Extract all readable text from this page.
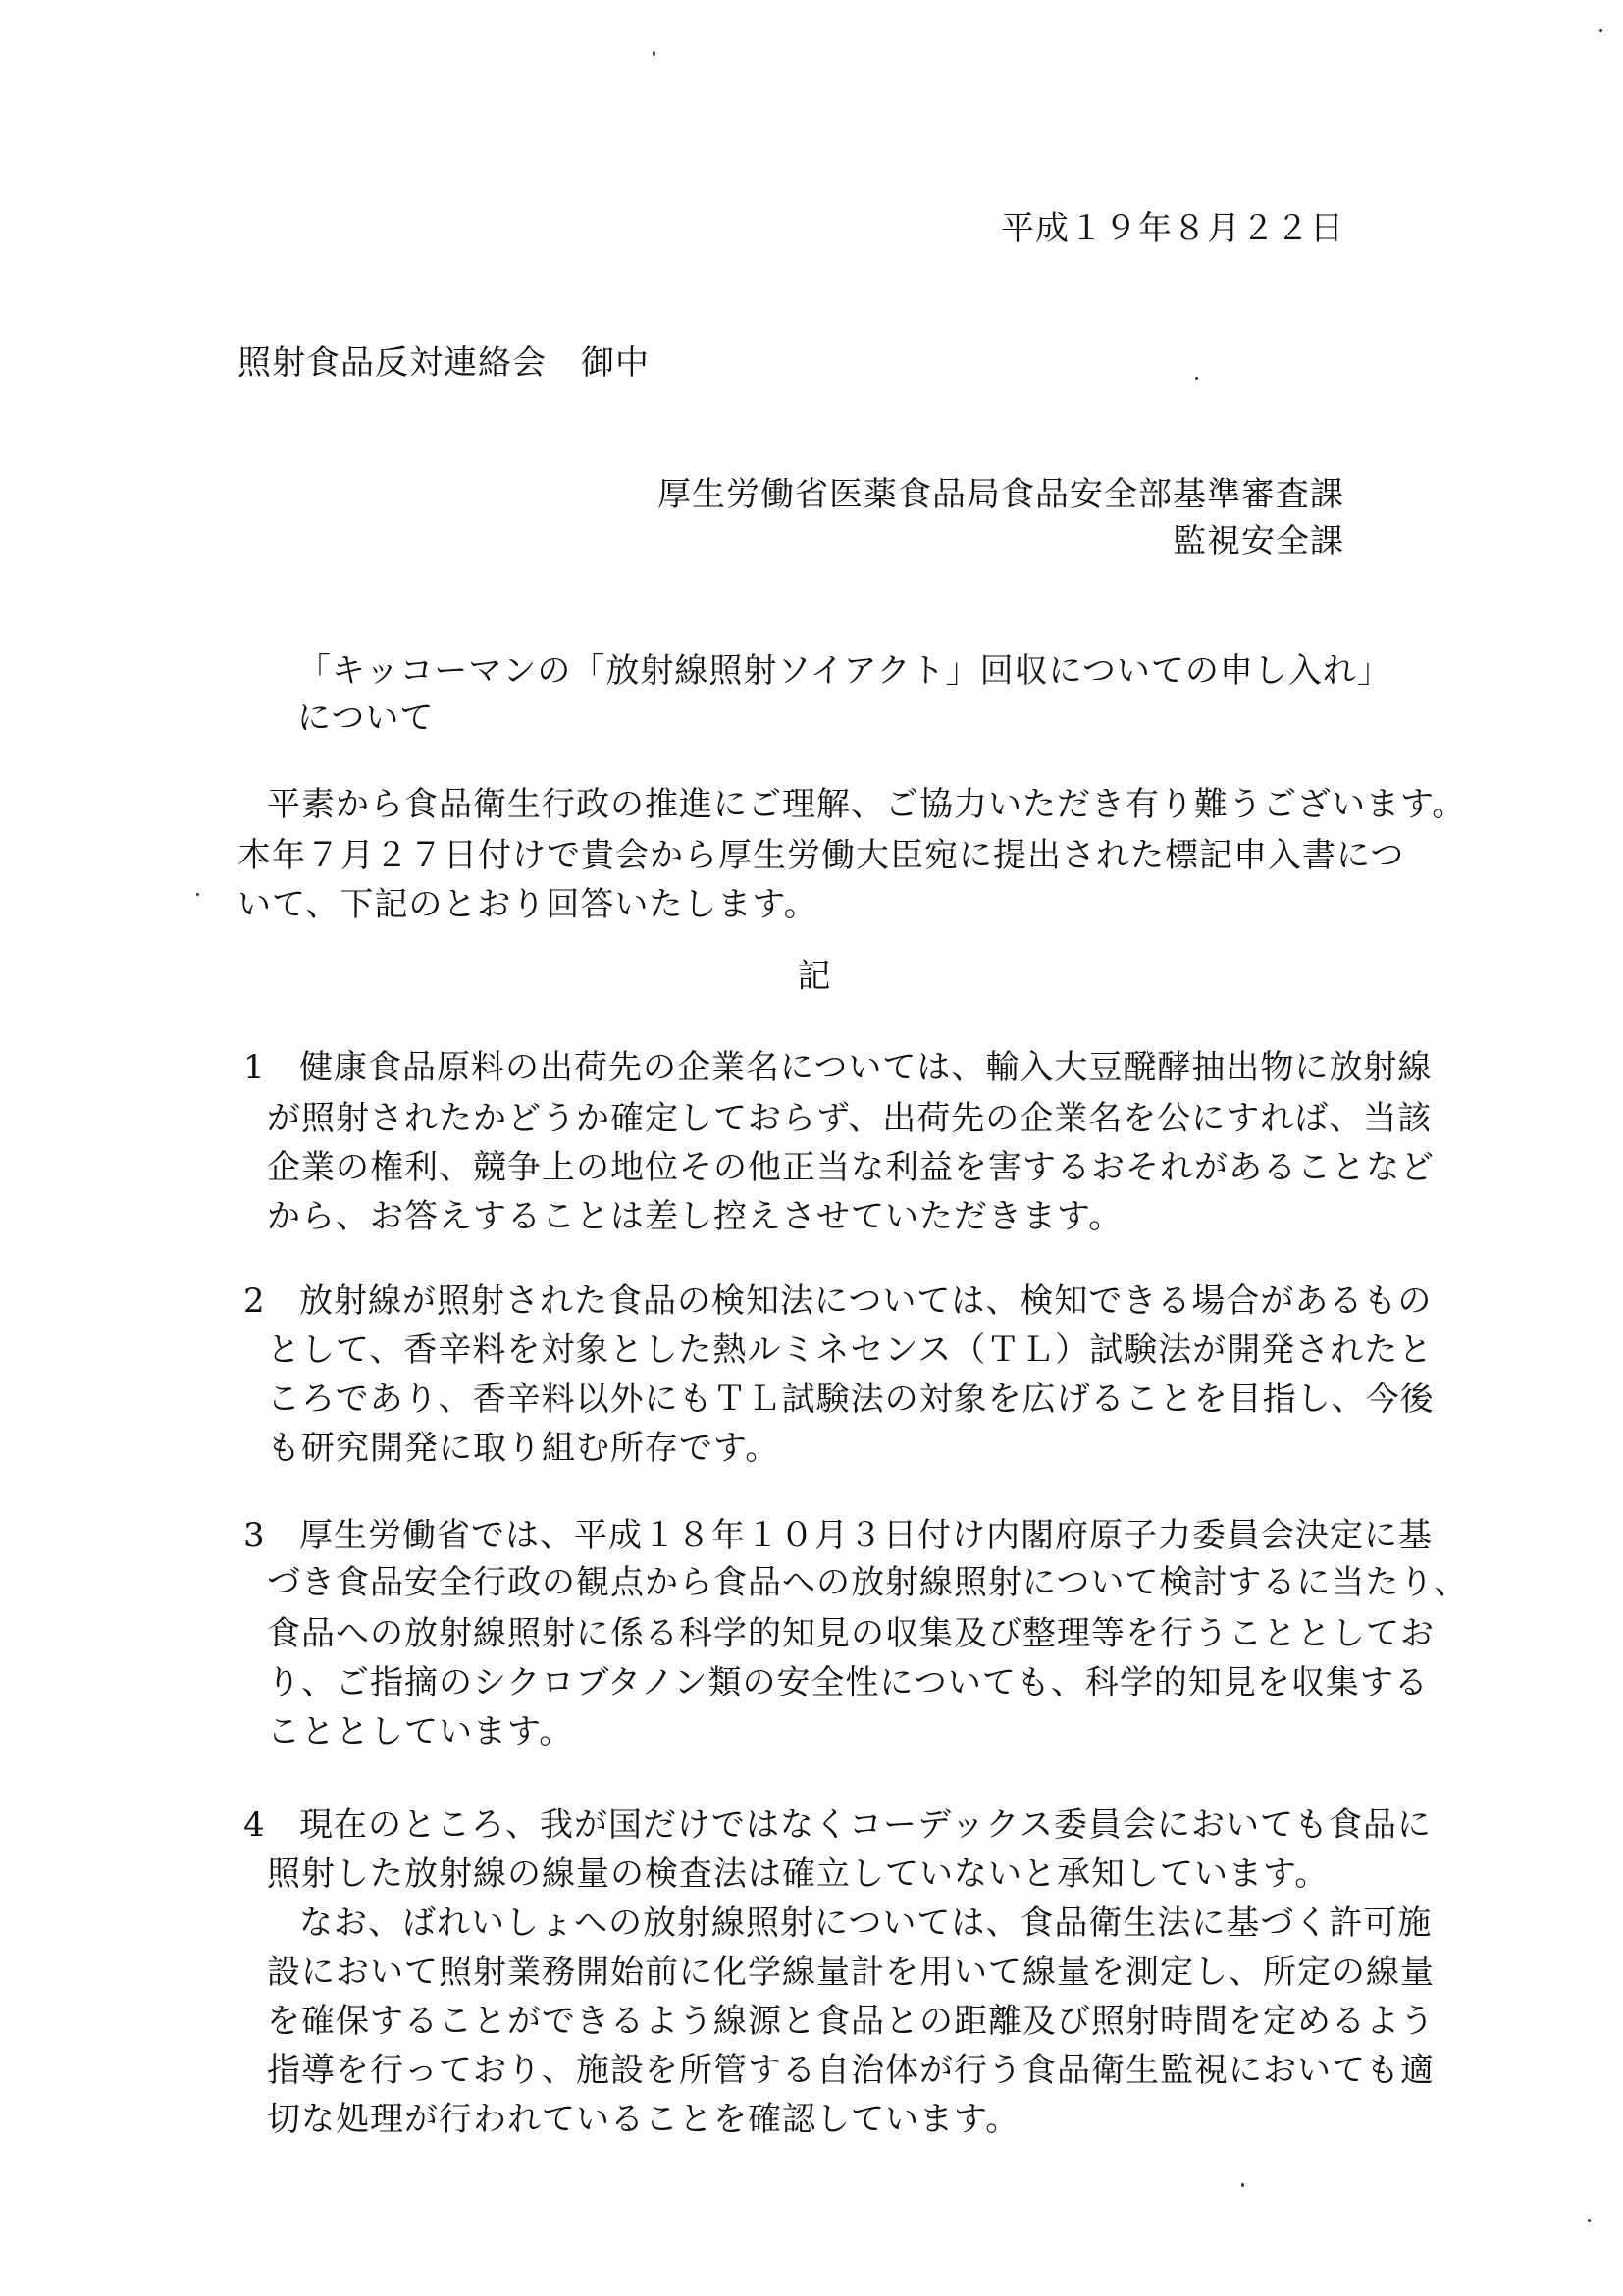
平成１９年８月２２日
照射食品反対連絡会　御中
厚生労働省医薬食品局食品安全部基準審査課
監視安全課
「キッコーマンの「放射線照射ソイアクト」回収についての申し入れ」
について
平素から食品衛生行政の推進にご理解、ご協力いただき有り難うございます。
本年７月２７日付けで貴会から厚生労働大臣宛に提出された標記申入書につ
いて、下記のとおり回答いたします。
記
1 健康食品原料の出荷先の企業名については、輸入大豆醗酵抽出物に放射線
が照射されたかどうか確定しておらず、出荷先の企業名を公にすれば、当該
企業の権利、競争上の地位その他正当な利益を害するおそれがあることなど
から、お答えすることは差し控えさせていただきます。
2 放射線が照射された食品の検知法については、検知できる場合があるもの
として、香辛料を対象とした熱ルミネセンス（ＴＬ）試験法が開発されたと
ころであり、香辛料以外にもＴＬ試験法の対象を広げることを目指し、今後
も研究開発に取り組む所存です。
3 厚生労働省では、平成１８年１０月３日付け内閣府原子力委員会決定に基
づき食品安全行政の観点から食品への放射線照射について検討するに当たり、
食品への放射線照射に係る科学的知見の収集及び整理等を行うこととしてお
り、ご指摘のシクロブタノン類の安全性についても、科学的知見を収集する
こととしています。
4 現在のところ、我が国だけではなくコーデックス委員会においても食品に
照射した放射線の線量の検査法は確立していないと承知しています。
なお、ばれいしょへの放射線照射については、食品衛生法に基づく許可施
設において照射業務開始前に化学線量計を用いて線量を測定し、所定の線量
を確保することができるよう線源と食品との距離及び照射時間を定めるよう
指導を行っており、施設を所管する自治体が行う食品衛生監視においても適
切な処理が行われていることを確認しています。
